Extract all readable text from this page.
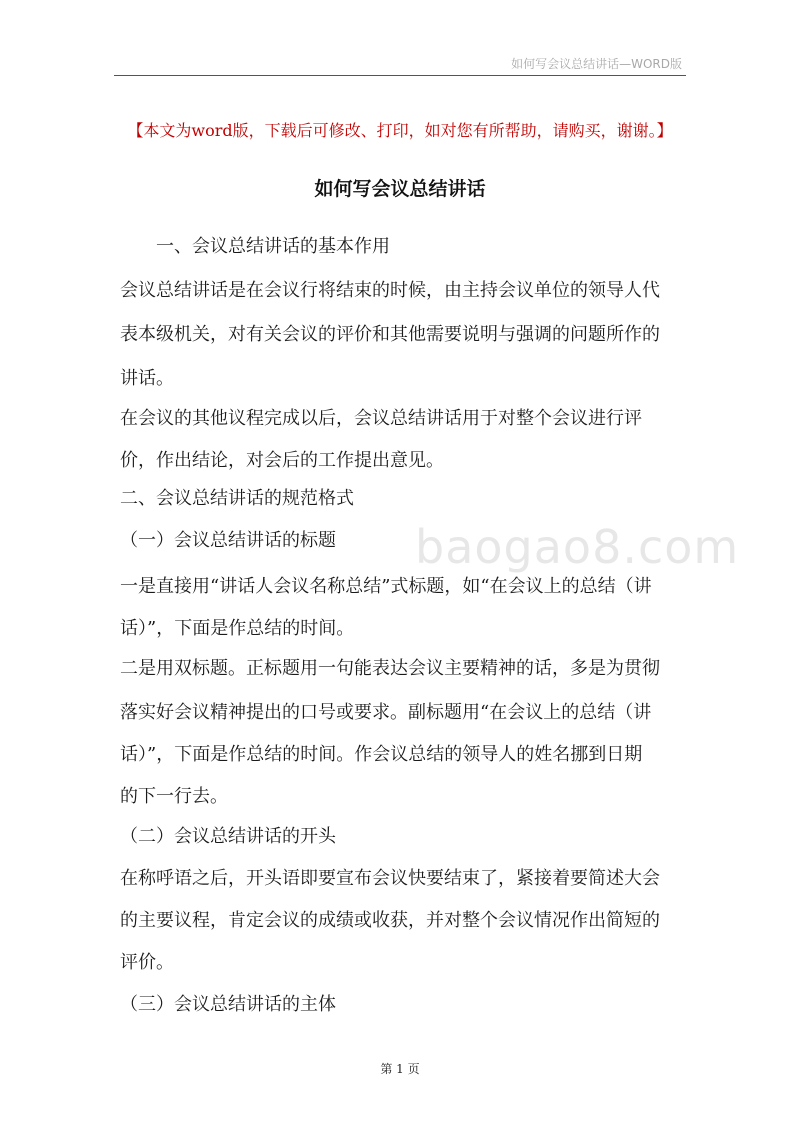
如何写会议总结讲话—WORD版
【本文为word版，下载后可修改、打印，如对您有所帮助，请购买，谢谢。】
如何写会议总结讲话
一、会议总结讲话的基本作用
会议总结讲话是在会议行将结束的时候，由主持会议单位的领导人代
表本级机关，对有关会议的评价和其他需要说明与强调的问题所作的
讲话。
在会议的其他议程完成以后，会议总结讲话用于对整个会议进行评
价，作出结论，对会后的工作提出意见。
二、会议总结讲话的规范格式
（一）会议总结讲话的标题
一是直接用“讲话人会议名称总结”式标题，如“在会议上的总结（讲
话）”，下面是作总结的时间。
二是用双标题。正标题用一句能表达会议主要精神的话，多是为贯彻
落实好会议精神提出的口号或要求。副标题用“在会议上的总结（讲
话）”，下面是作总结的时间。作会议总结的领导人的姓名挪到日期
的下一行去。
（二）会议总结讲话的开头
在称呼语之后，开头语即要宣布会议快要结束了，紧接着要简述大会
的主要议程，肯定会议的成绩或收获，并对整个会议情况作出简短的
评价。
（三）会议总结讲话的主体
baogao8.com
第 1 页
